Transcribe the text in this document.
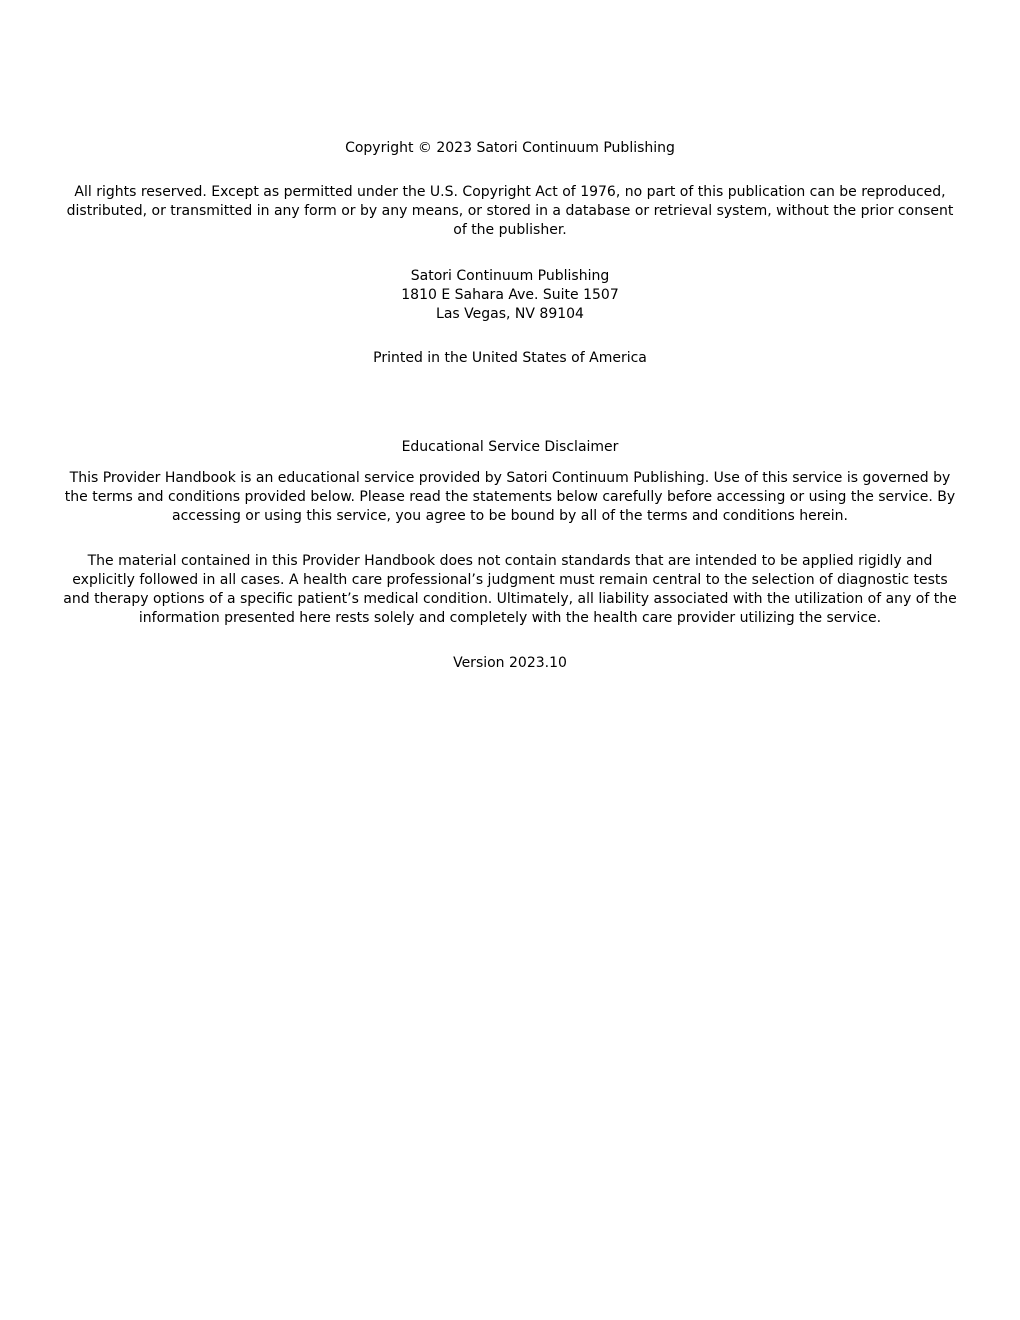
Copyright © 2023 Satori Continuum Publishing

All rights reserved. Except as permitted under the U.S. Copyright Act of 1976, no part of this publication can be reproduced, distributed, or transmitted in any form or by any means, or stored in a database or retrieval system, without the prior consent of the publisher.

Satori Continuum Publishing
1810 E Sahara Ave. Suite 1507
Las Vegas, NV 89104

Printed in the United States of America

Educational Service Disclaimer

This Provider Handbook is an educational service provided by Satori Continuum Publishing. Use of this service is governed by the terms and conditions provided below. Please read the statements below carefully before accessing or using the service. By accessing or using this service, you agree to be bound by all of the terms and conditions herein.

The material contained in this Provider Handbook does not contain standards that are intended to be applied rigidly and explicitly followed in all cases. A health care professional’s judgment must remain central to the selection of diagnostic tests and therapy options of a specific patient’s medical condition. Ultimately, all liability associated with the utilization of any of the information presented here rests solely and completely with the health care provider utilizing the service.

Version 2023.10
